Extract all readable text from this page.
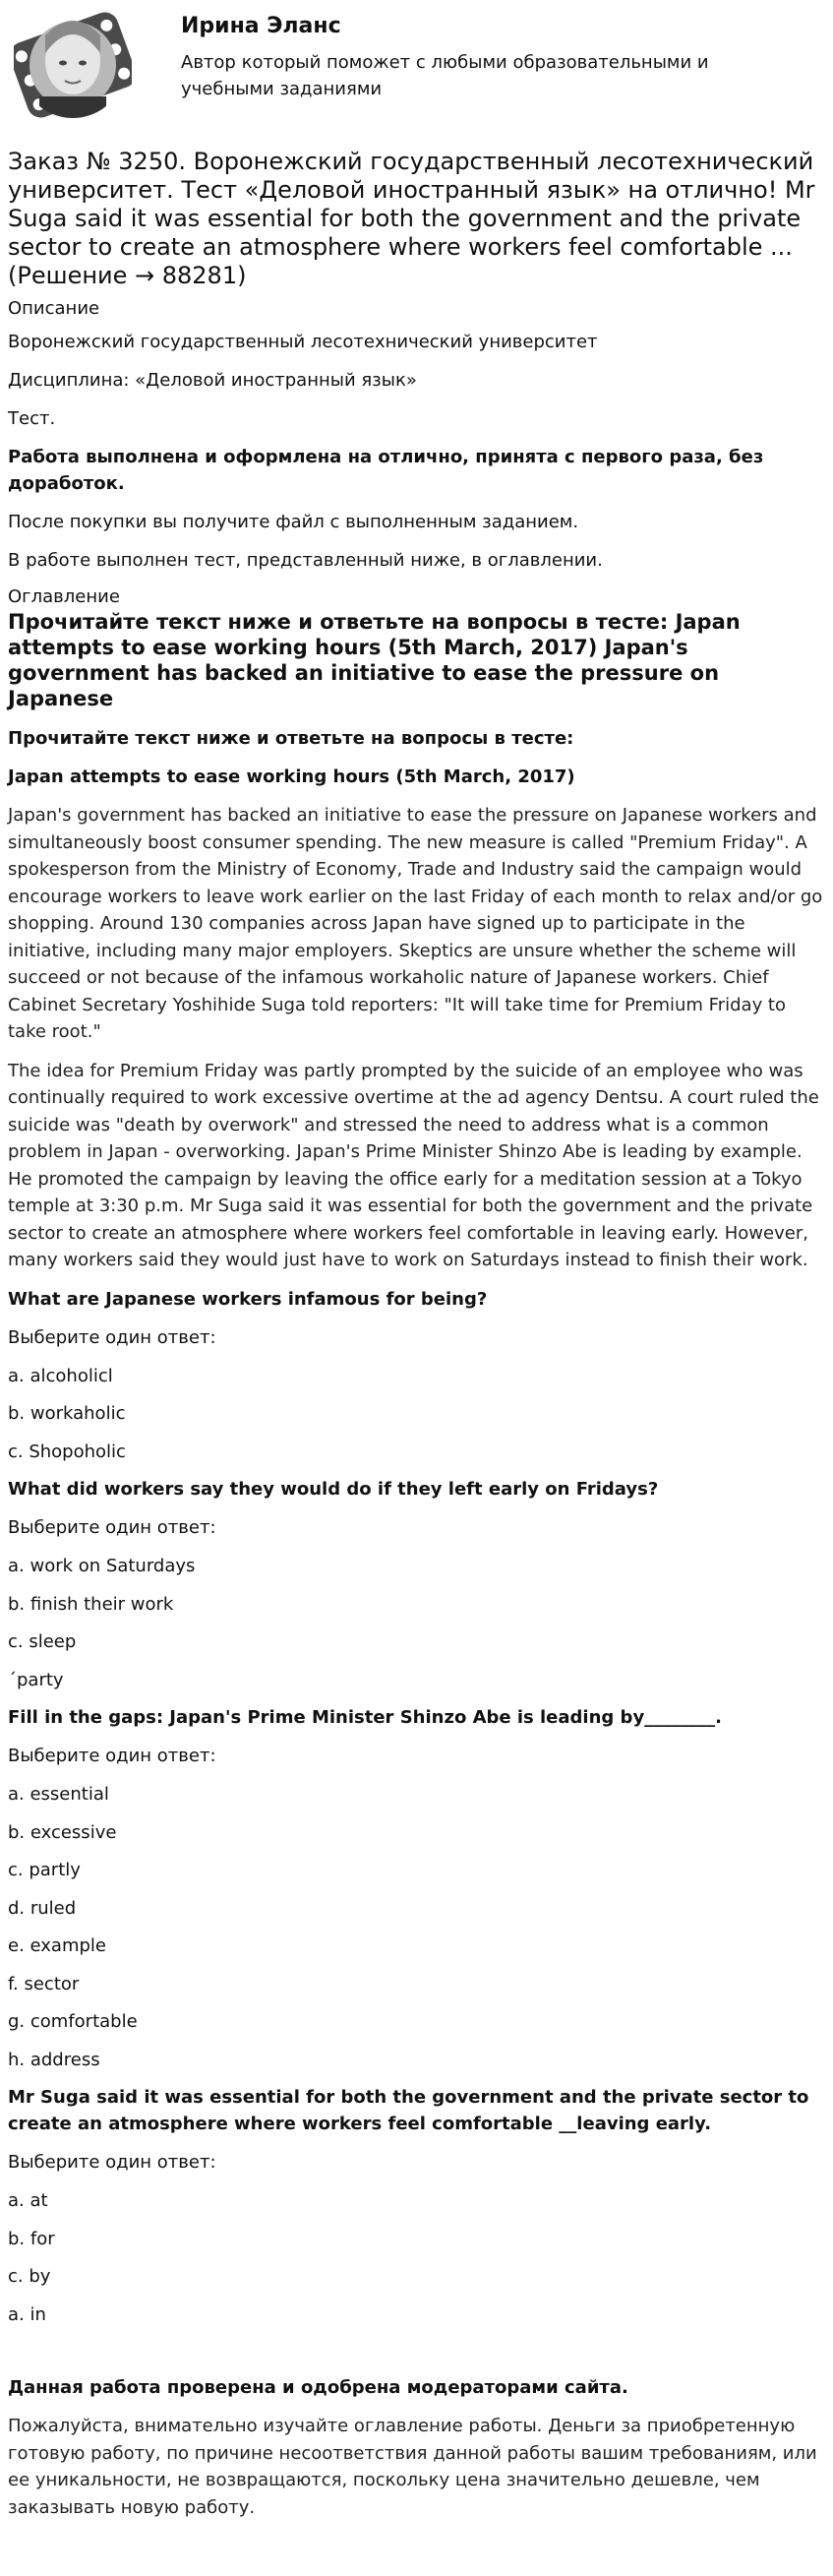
Ирина Эланс

Автор который поможет с любыми образовательными и учебными заданиями

Заказ № 3250. Воронежский государственный лесотехнический университет. Тест «Деловой иностранный язык» на отлично! Mr Suga said it was essential for both the government and the private sector to create an atmosphere where workers feel comfortable ... (Решение → 88281)

Описание

Воронежский государственный лесотехнический университет

Дисциплина: «Деловой иностранный язык»

Тест.

Работа выполнена и оформлена на отлично, принята с первого раза, без доработок.

После покупки вы получите файл с выполненным заданием.

В работе выполнен тест, представленный ниже, в оглавлении.

Оглавление

Прочитайте текст ниже и ответьте на вопросы в тесте: Japan attempts to ease working hours (5th March, 2017) Japan's government has backed an initiative to ease the pressure on Japanese

Прочитайте текст ниже и ответьте на вопросы в тесте:

Japan attempts to ease working hours (5th March, 2017)

Japan's government has backed an initiative to ease the pressure on Japanese workers and simultaneously boost consumer spending. The new measure is called "Premium Friday". A spokesperson from the Ministry of Economy, Trade and Industry said the campaign would encourage workers to leave work earlier on the last Friday of each month to relax and/or go shopping. Around 130 companies across Japan have signed up to participate in the initiative, including many major employers. Skeptics are unsure whether the scheme will succeed or not because of the infamous workaholic nature of Japanese workers. Chief Cabinet Secretary Yoshihide Suga told reporters: "It will take time for Premium Friday to take root."

The idea for Premium Friday was partly prompted by the suicide of an employee who was continually required to work excessive overtime at the ad agency Dentsu. A court ruled the suicide was "death by overwork" and stressed the need to address what is a common problem in Japan - overworking. Japan's Prime Minister Shinzo Abe is leading by example. He promoted the campaign by leaving the office early for a meditation session at a Tokyo temple at 3:30 p.m. Mr Suga said it was essential for both the government and the private sector to create an atmosphere where workers feel comfortable in leaving early. However, many workers said they would just have to work on Saturdays instead to finish their work.

What are Japanese workers infamous for being?

Выберите один ответ:

a. alcoholicl

b. workaholic

c. Shopoholic

What did workers say they would do if they left early on Fridays?

Выберите один ответ:

a. work on Saturdays

b. finish their work

c. sleep

´party

Fill in the gaps: Japan's Prime Minister Shinzo Abe is leading by________.

Выберите один ответ:

a. essential

b. excessive

c. partly

d. ruled

e. example

f. sector

g. comfortable

h. address

Mr Suga said it was essential for both the government and the private sector to create an atmosphere where workers feel comfortable __leaving early.

Выберите один ответ:

a. at

b. for

c. by

a. in

Данная работа проверена и одобрена модераторами сайта.

Пожалуйста, внимательно изучайте оглавление работы. Деньги за приобретенную готовую работу, по причине несоответствия данной работы вашим требованиям, или ее уникальности, не возвращаются, поскольку цена значительно дешевле, чем заказывать новую работу.
